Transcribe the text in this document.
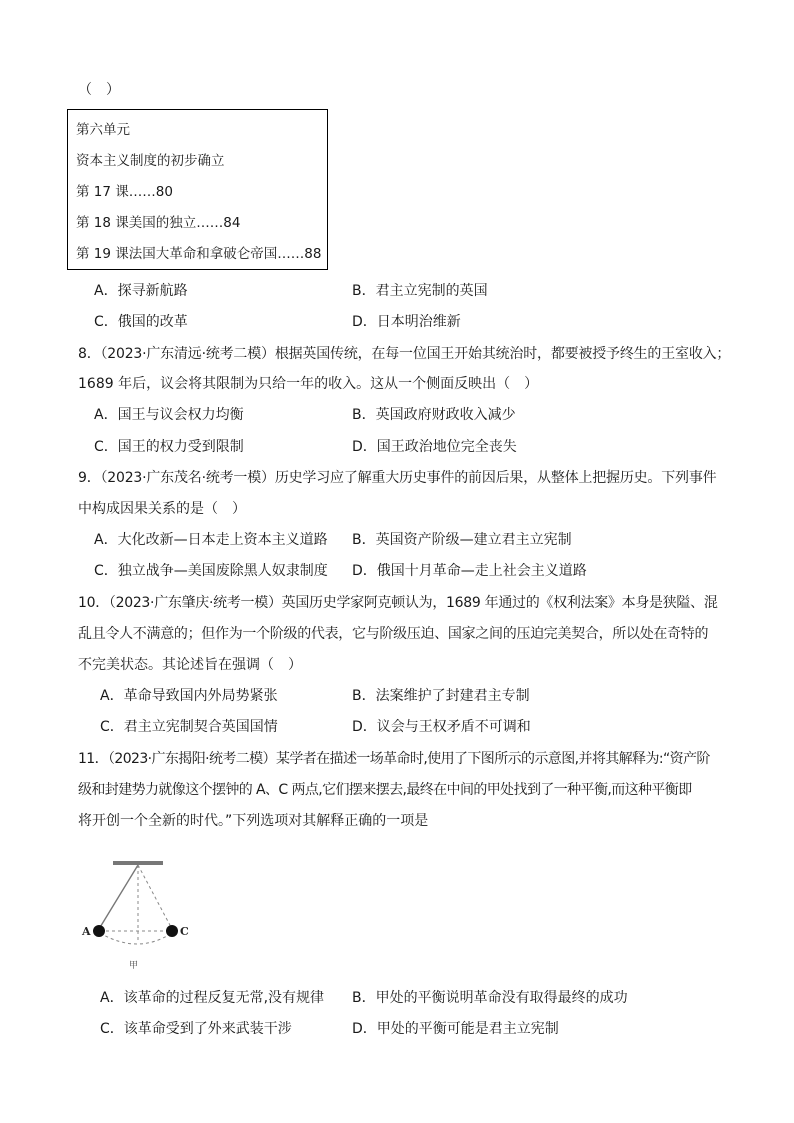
（　）
第六单元
资本主义制度的初步确立
第 17 课……80
第 18 课美国的独立……84
第 19 课法国大革命和拿破仑帝国……88
A．探寻新航路	B．君主立宪制的英国
C．俄国的改革	D．日本明治维新
8．（2023·广东清远·统考二模）根据英国传统，在每一位国王开始其统治时，都要被授予终生的王室收入；
1689 年后，议会将其限制为只给一年的收入。这从一个侧面反映出（　）
A．国王与议会权力均衡	B．英国政府财政收入减少
C．国王的权力受到限制	D．国王政治地位完全丧失
9．（2023·广东茂名·统考一模）历史学习应了解重大历史事件的前因后果，从整体上把握历史。下列事件
中构成因果关系的是（　）
A．大化改新—日本走上资本主义道路 B．英国资产阶级—建立君主立宪制
C．独立战争—美国废除黑人奴隶制度 D．俄国十月革命—走上社会主义道路
10．（2023·广东肇庆·统考一模）英国历史学家阿克顿认为，1689 年通过的《权利法案》本身是狭隘、混
乱且令人不满意的；但作为一个阶级的代表，它与阶级压迫、国家之间的压迫完美契合，所以处在奇特的
不完美状态。其论述旨在强调（　）
A．革命导致国内外局势紧张	B．法案维护了封建君主专制
C．君主立宪制契合英国国情	D．议会与王权矛盾不可调和
11．（2023·广东揭阳·统考二模）某学者在描述一场革命时,使用了下图所示的示意图,并将其解释为:“资产阶
级和封建势力就像这个摆钟的 A、C 两点,它们摆来摆去,最终在中间的甲处找到了一种平衡,而这种平衡即
将开创一个全新的时代。”下列选项对其解释正确的一项是
A	C
甲
A．该革命的过程反复无常,没有规律 B．甲处的平衡说明革命没有取得最终的成功
C．该革命受到了外来武装干涉	D．甲处的平衡可能是君主立宪制
